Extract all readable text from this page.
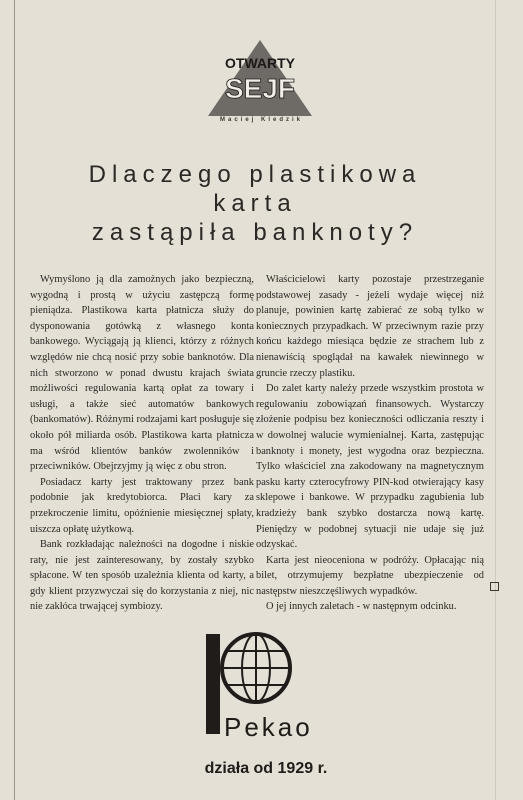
OTWARTY
SEJF
Maciej Kledzik
Dlaczego plastikowa
karta
zastąpiła banknoty?

Wymyślono ją dla zamożnych jako bezpieczną, wygodną i prostą w użyciu zastępczą formę pieniądza. Plastikowa karta płatnicza służy do dysponowania gotówką z własnego konta bankowego. Wyciągają ją klienci, którzy z różnych względów nie chcą nosić przy sobie banknotów. Dla nich stworzono w ponad dwustu krajach świata możliwości regulowania kartą opłat za towary i usługi, a także sieć automatów bankowych (bankomatów). Różnymi rodzajami kart posługuje się około pół miliarda osób. Plastikowa karta płatnicza ma wśród klientów banków zwolenników i przeciwników. Obejrzyjmy ją więc z obu stron.

Posiadacz karty jest traktowany przez bank podobnie jak kredytobiorca. Płaci kary za przekroczenie limitu, opóźnienie miesięcznej spłaty, uiszcza opłatę użytkową.

Bank rozkładając należności na dogodne i niskie raty, nie jest zainteresowany, by zostały szybko spłacone. W ten sposób uzależnia klienta od karty, a gdy klient przyzwyczai się do korzystania z niej, nic nie zakłóca trwającej symbiozy.

Właścicielowi karty pozostaje przestrzeganie podstawowej zasady - jeżeli wydaje więcej niż planuje, powinien kartę zabierać ze sobą tylko w koniecznych przypadkach. W przeciwnym razie przy końcu każdego miesiąca będzie ze strachem lub z nienawiścią spoglądał na kawałek niewinnego w gruncie rzeczy plastiku.

Do zalet karty należy przede wszystkim prostota w regulowaniu zobowiązań finansowych. Wystarczy złożenie podpisu bez konieczności odliczania reszty i w dowolnej walucie wymienialnej. Karta, zastępując banknoty i monety, jest wygodna oraz bezpieczna. Tylko właściciel zna zakodowany na magnetycznym pasku karty czterocyfrowy PIN-kod otwierający kasy sklepowe i bankowe. W przypadku zagubienia lub kradzieży bank szybko dostarcza nową kartę. Pieniędzy w podobnej sytuacji nie udaje się już odzyskać.

Karta jest nieoceniona w podróży. Opłacając nią bilet, otrzymujemy bezpłatne ubezpieczenie od następstw nieszczęśliwych wypadków.

O jej innych zaletach - w następnym odcinku.

Pekao
działa od 1929 r.
